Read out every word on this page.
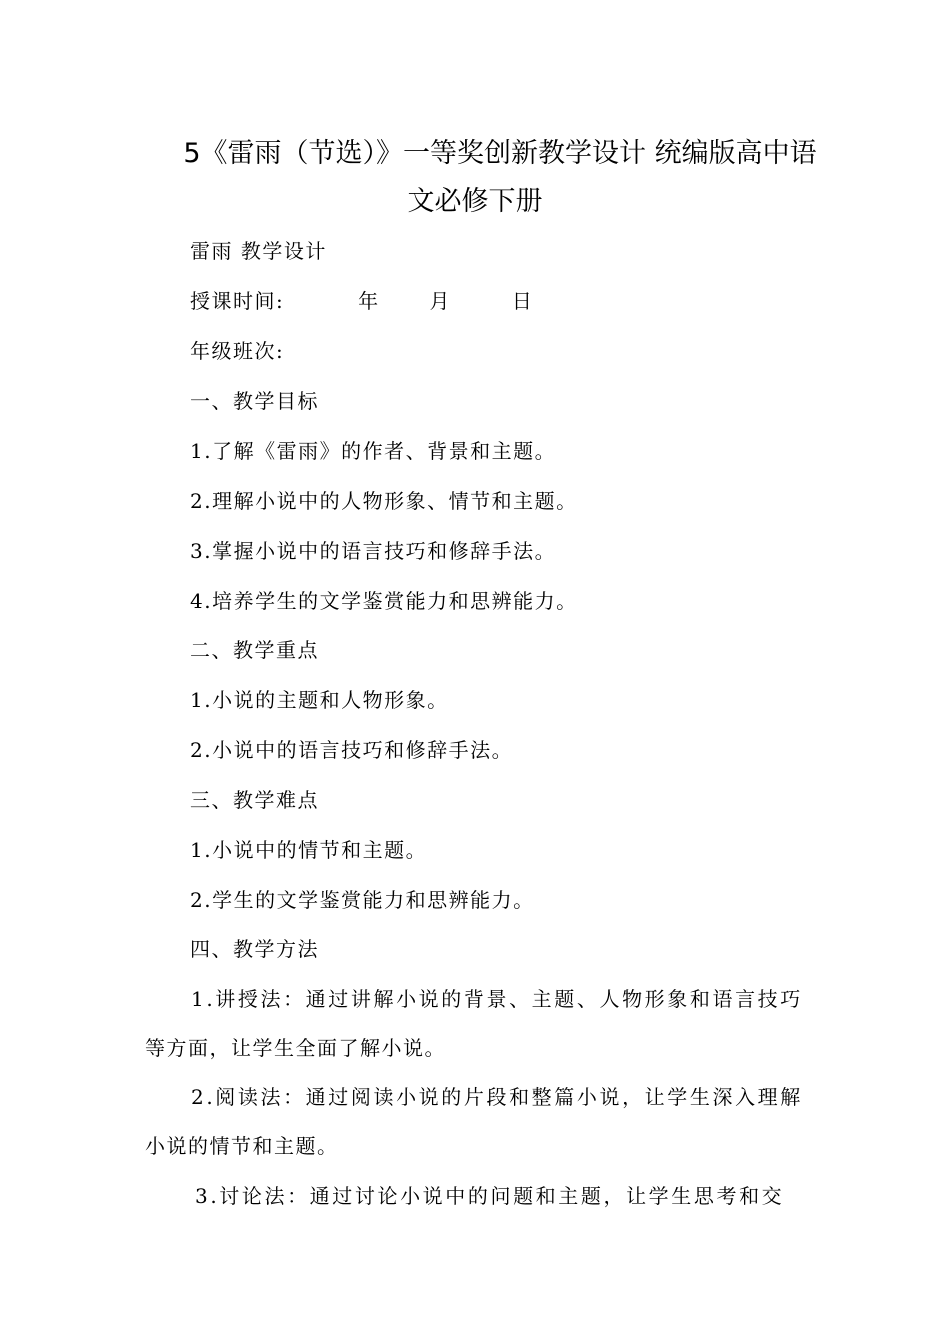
5《雷雨（节选）》一等奖创新教学设计 统编版高中语
文必修下册
雷雨 教学设计
授课时间:	年 月	日
年级班次:
一、教学目标
1.了解《雷雨》的作者、背景和主题。
2.理解小说中的人物形象、情节和主题。
3.掌握小说中的语言技巧和修辞手法。
4.培养学生的文学鉴赏能力和思辨能力。
二、教学重点
1.小说的主题和人物形象。
2.小说中的语言技巧和修辞手法。
三、教学难点
1.小说中的情节和主题。
2.学生的文学鉴赏能力和思辨能力。
四、教学方法
1.讲授法：通过讲解小说的背景、主题、人物形象和语言技巧
等方面，让学生全面了解小说。
2.阅读法：通过阅读小说的片段和整篇小说，让学生深入理解
小说的情节和主题。
3.讨论法：通过讨论小说中的问题和主题，让学生思考和交
